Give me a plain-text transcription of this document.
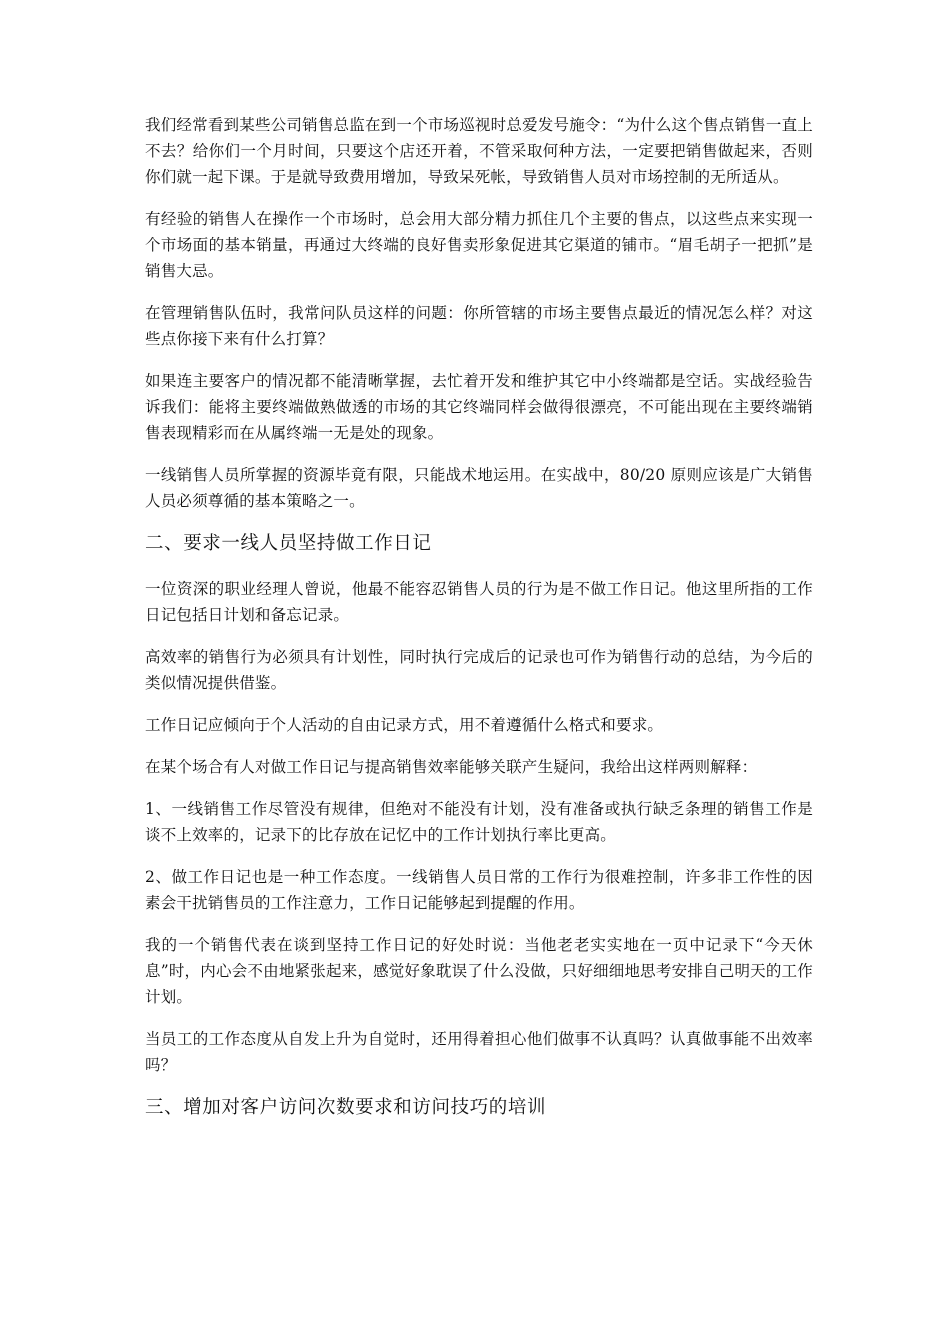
我们经常看到某些公司销售总监在到一个市场巡视时总爱发号施令：“为什么这个售点销售一直上不去？给你们一个月时间，只要这个店还开着，不管采取何种方法，一定要把销售做起来，否则你们就一起下课。于是就导致费用增加，导致呆死帐，导致销售人员对市场控制的无所适从。

有经验的销售人在操作一个市场时，总会用大部分精力抓住几个主要的售点，以这些点来实现一个市场面的基本销量，再通过大终端的良好售卖形象促进其它渠道的铺市。“眉毛胡子一把抓”是销售大忌。

在管理销售队伍时，我常问队员这样的问题：你所管辖的市场主要售点最近的情况怎么样？对这些点你接下来有什么打算？

如果连主要客户的情况都不能清晰掌握，去忙着开发和维护其它中小终端都是空话。实战经验告诉我们：能将主要终端做熟做透的市场的其它终端同样会做得很漂亮，不可能出现在主要终端销售表现精彩而在从属终端一无是处的现象。

一线销售人员所掌握的资源毕竟有限，只能战术地运用。在实战中，80/20 原则应该是广大销售人员必须尊循的基本策略之一。

二、要求一线人员坚持做工作日记

一位资深的职业经理人曾说，他最不能容忍销售人员的行为是不做工作日记。他这里所指的工作日记包括日计划和备忘记录。

高效率的销售行为必须具有计划性，同时执行完成后的记录也可作为销售行动的总结，为今后的类似情况提供借鉴。

工作日记应倾向于个人活动的自由记录方式，用不着遵循什么格式和要求。

在某个场合有人对做工作日记与提高销售效率能够关联产生疑问，我给出这样两则解释：

1、一线销售工作尽管没有规律，但绝对不能没有计划，没有准备或执行缺乏条理的销售工作是谈不上效率的，记录下的比存放在记忆中的工作计划执行率比更高。

2、做工作日记也是一种工作态度。一线销售人员日常的工作行为很难控制，许多非工作性的因素会干扰销售员的工作注意力，工作日记能够起到提醒的作用。

我的一个销售代表在谈到坚持工作日记的好处时说：当他老老实实地在一页中记录下“今天休息”时，内心会不由地紧张起来，感觉好象耽误了什么没做，只好细细地思考安排自己明天的工作计划。

当员工的工作态度从自发上升为自觉时，还用得着担心他们做事不认真吗？认真做事能不出效率吗？

三、增加对客户访问次数要求和访问技巧的培训
